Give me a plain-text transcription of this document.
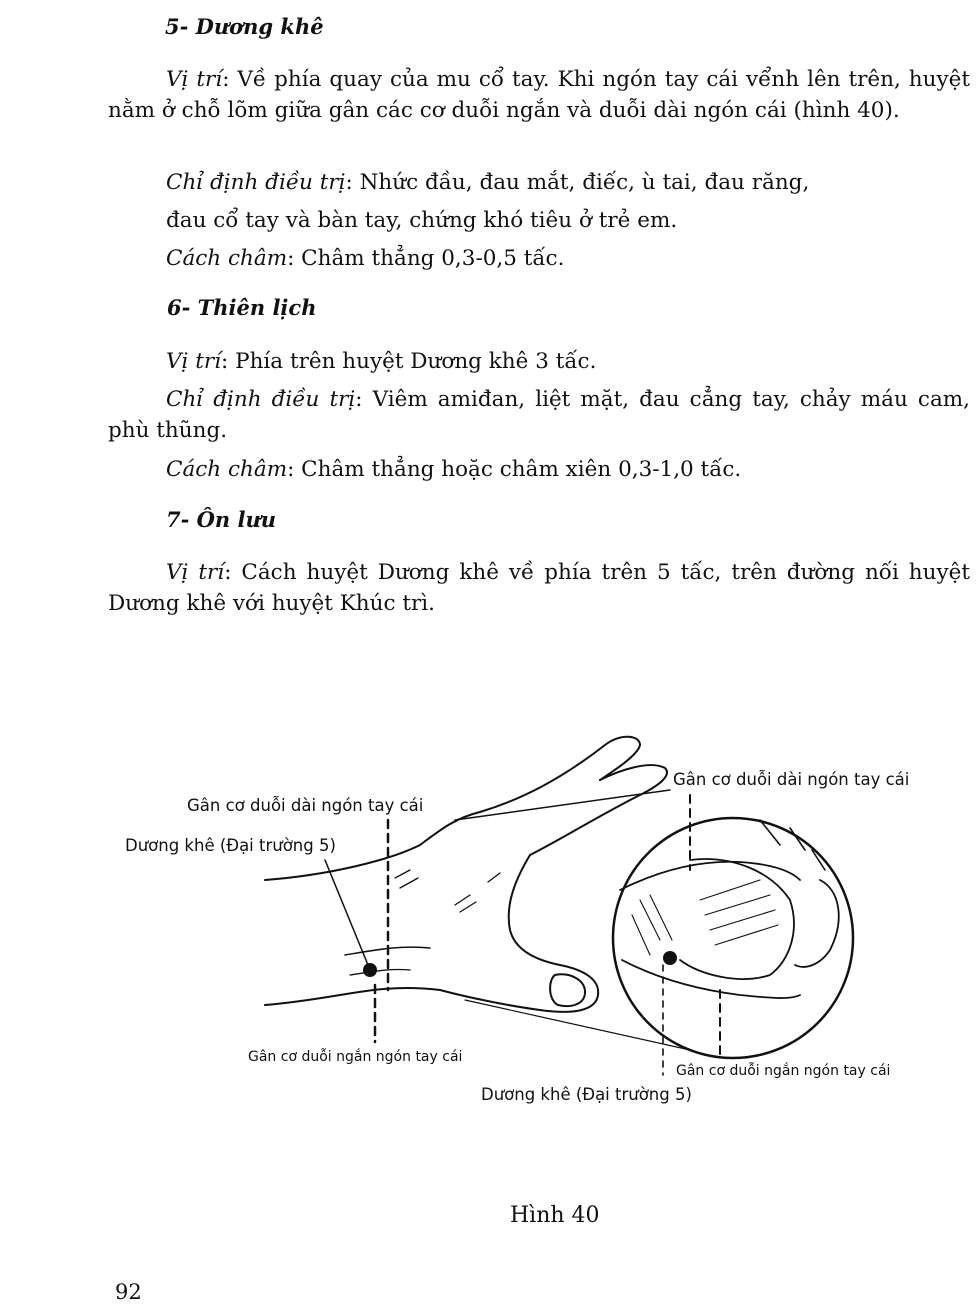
5- Dương khê
Vị trí: Về phía quay của mu cổ tay. Khi ngón tay cái vểnh lên trên, huyệt nằm ở chỗ lõm giữa gân các cơ duỗi ngắn và duỗi dài ngón cái (hình 40).
Chỉ định điều trị: Nhức đầu, đau mắt, điếc, ù tai, đau răng,
đau cổ tay và bàn tay, chứng khó tiêu ở trẻ em.
Cách châm: Châm thẳng 0,3-0,5 tấc.
6- Thiên lịch
Vị trí: Phía trên huyệt Dương khê 3 tấc.
Chỉ định điều trị: Viêm amiđan, liệt mặt, đau cẳng tay, chảy máu cam, phù thũng.
Cách châm: Châm thẳng hoặc châm xiên 0,3-1,0 tấc.
7- Ôn lưu
Vị trí: Cách huyệt Dương khê về phía trên 5 tấc, trên đường nối huyệt Dương khê với huyệt Khúc trì.
Gân cơ duỗi dài ngón tay cái
Dương khê (Đại trường 5)
Gân cơ duỗi ngắn ngón tay cái
Gân cơ duỗi dài ngón tay cái
Gân cơ duỗi ngắn ngón tay cái
Dương khê (Đại trường 5)
Hình 40
92
